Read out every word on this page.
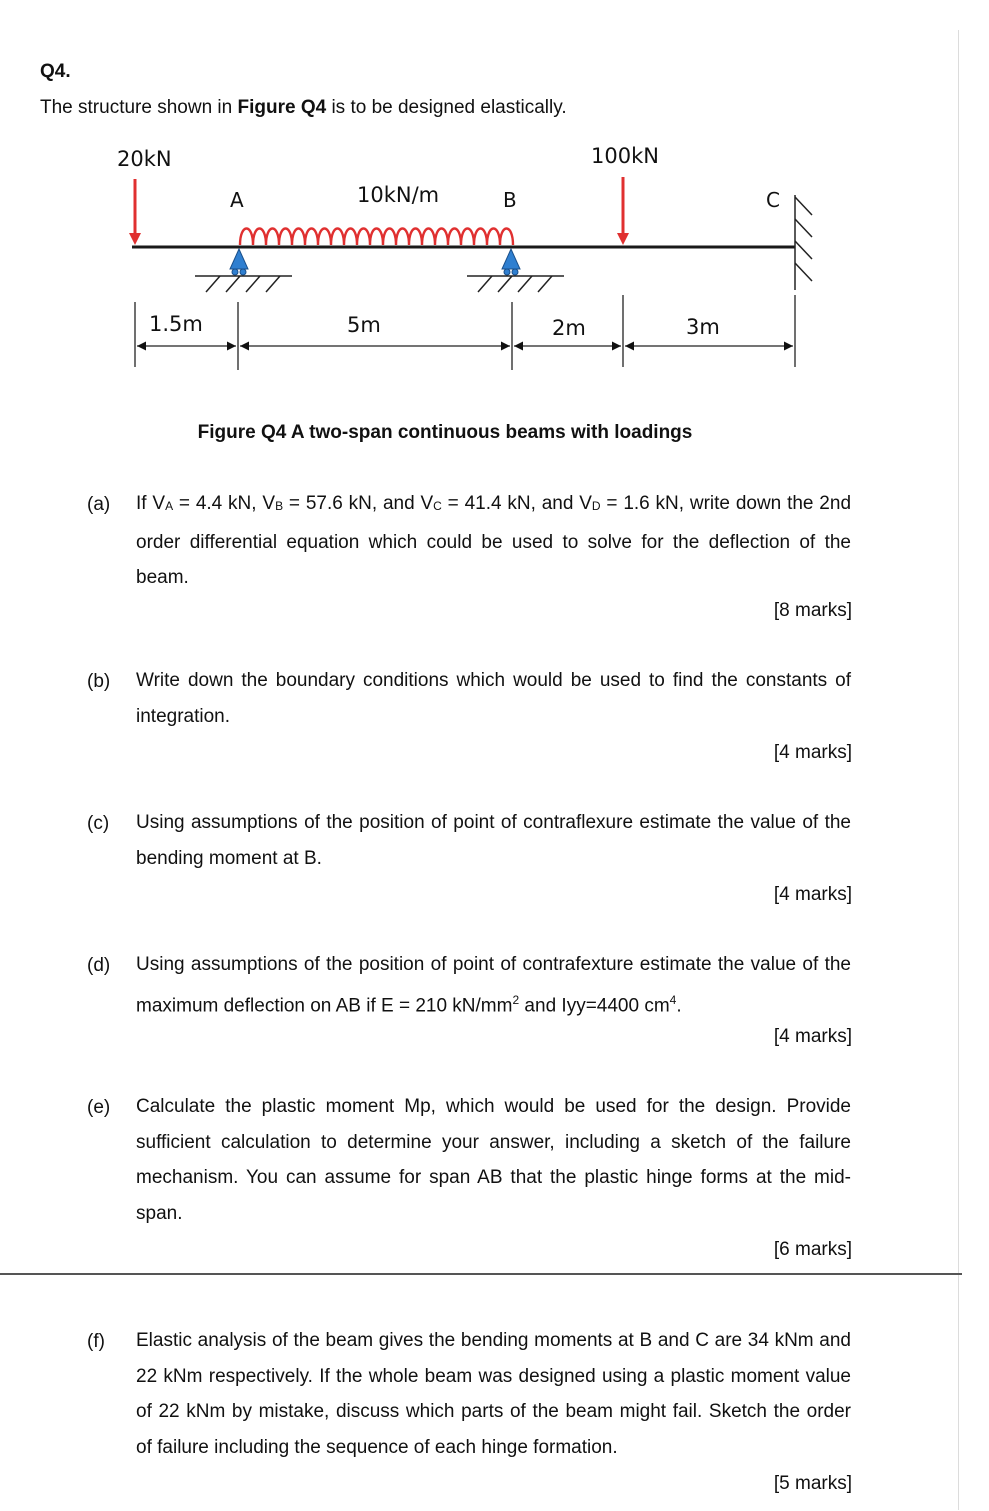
Q4.
The structure shown in Figure Q4 is to be designed elastically.
20kN	100kN
10kN/m
A	B	C
1.5m	5m	2m	3m
Figure Q4 A two-span continuous beams with loadings
(a) If $V_A = 4.4$ kN, $V_B = 57.6$ kN, and $V_C = 41.4$ kN, and $V_D = 1.6$ kN, write down the 2nd order differential equation which could be used to solve for the deflection of the beam.
[8 marks]
(b) Write down the boundary conditions which would be used to find the constants of integration.
[4 marks]
(c) Using assumptions of the position of point of contraflexure estimate the value of the bending moment at B.
[4 marks]
(d) Using assumptions of the position of point of contrafexture estimate the value of the maximum deflection on AB if E = 210 $kN/mm^2$ and Iyy=4400 $cm^4$.
[4 marks]
(e) Calculate the plastic moment Mp, which would be used for the design. Provide sufficient calculation to determine your answer, including a sketch of the failure mechanism. You can assume for span AB that the plastic hinge forms at the mid-span.
[6 marks]
(f) Elastic analysis of the beam gives the bending moments at B and C are 34 kNm and 22 kNm respectively. If the whole beam was designed using a plastic moment value of 22 kNm by mistake, discuss which parts of the beam might fail. Sketch the order of failure including the sequence of each hinge formation.
[5 marks]
